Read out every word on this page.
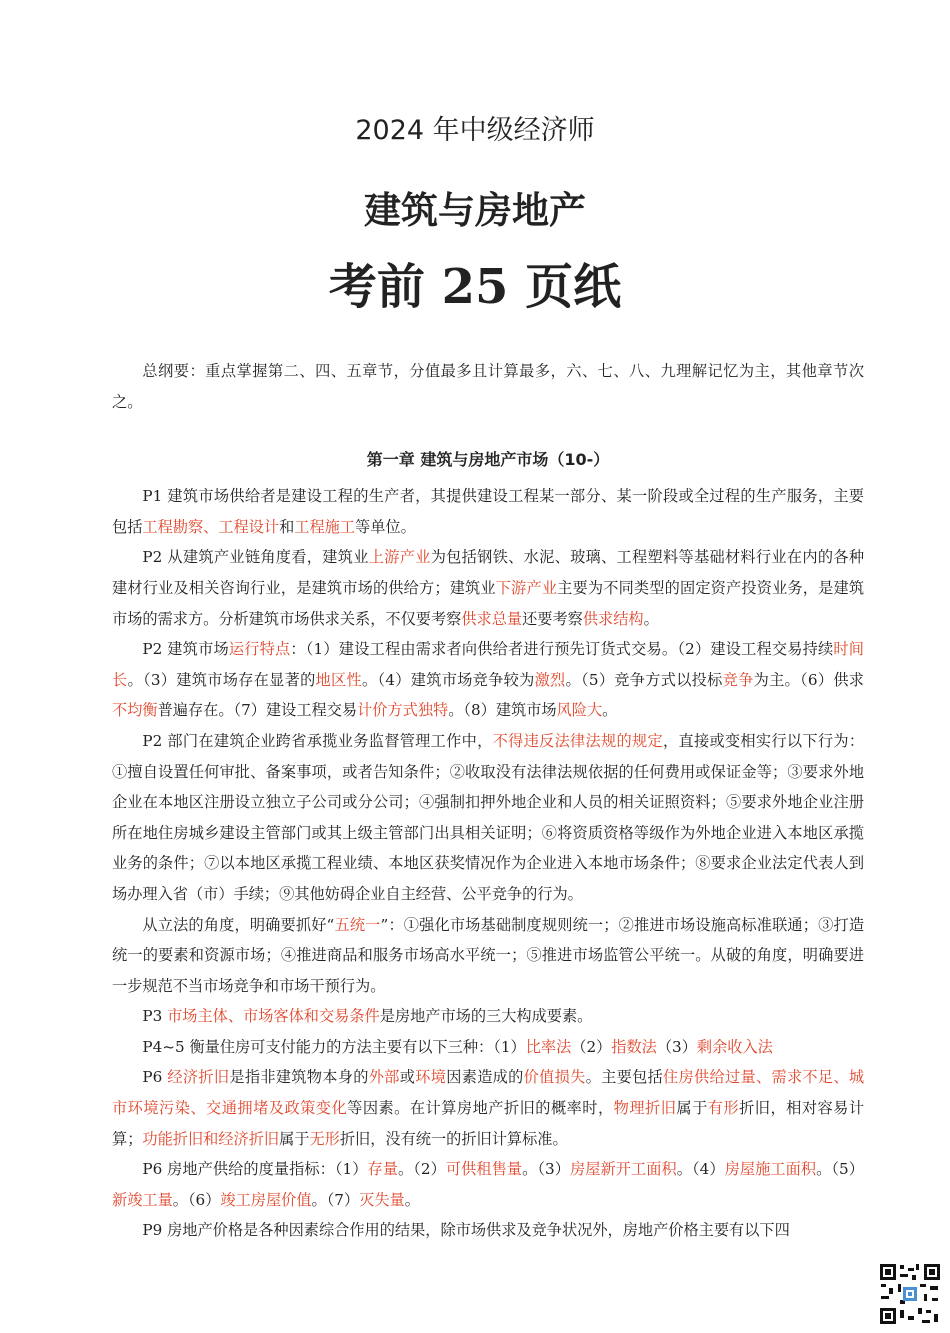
2024 年中级经济师
建筑与房地产
考前 25 页纸

总纲要：重点掌握第二、四、五章节，分值最多且计算最多，六、七、八、九理解记忆为主，其他章节次之。

第一章 建筑与房地产市场（10-）

P1 建筑市场供给者是建设工程的生产者，其提供建设工程某一部分、某一阶段或全过程的生产服务，主要包括工程勘察、工程设计和工程施工等单位。

P2 从建筑产业链角度看，建筑业上游产业为包括钢铁、水泥、玻璃、工程塑料等基础材料行业在内的各种建材行业及相关咨询行业，是建筑市场的供给方；建筑业下游产业主要为不同类型的固定资产投资业务，是建筑市场的需求方。分析建筑市场供求关系，不仅要考察供求总量还要考察供求结构。

P2 建筑市场运行特点：（1）建设工程由需求者向供给者进行预先订货式交易。（2）建设工程交易持续时间长。（3）建筑市场存在显著的地区性。（4）建筑市场竞争较为激烈。（5）竞争方式以投标竞争为主。（6）供求不均衡普遍存在。（7）建设工程交易计价方式独特。（8）建筑市场风险大。

P2 部门在建筑企业跨省承揽业务监督管理工作中，不得违反法律法规的规定，直接或变相实行以下行为：①擅自设置任何审批、备案事项，或者告知条件；②收取没有法律法规依据的任何费用或保证金等；③要求外地企业在本地区注册设立独立子公司或分公司；④强制扣押外地企业和人员的相关证照资料；⑤要求外地企业注册所在地住房城乡建设主管部门或其上级主管部门出具相关证明；⑥将资质资格等级作为外地企业进入本地区承揽业务的条件；⑦以本地区承揽工程业绩、本地区获奖情况作为企业进入本地市场条件；⑧要求企业法定代表人到场办理入省（市）手续；⑨其他妨碍企业自主经营、公平竞争的行为。

从立法的角度，明确要抓好“五统一”：①强化市场基础制度规则统一；②推进市场设施高标准联通；③打造统一的要素和资源市场；④推进商品和服务市场高水平统一；⑤推进市场监管公平统一。从破的角度，明确要进一步规范不当市场竞争和市场干预行为。

P3 市场主体、市场客体和交易条件是房地产市场的三大构成要素。

P4~5 衡量住房可支付能力的方法主要有以下三种：（1）比率法（2）指数法（3）剩余收入法

P6 经济折旧是指非建筑物本身的外部或环境因素造成的价值损失。主要包括住房供给过量、需求不足、城市环境污染、交通拥堵及政策变化等因素。在计算房地产折旧的概率时，物理折旧属于有形折旧，相对容易计算；功能折旧和经济折旧属于无形折旧，没有统一的折旧计算标准。

P6 房地产供给的度量指标：（1）存量。（2）可供租售量。（3）房屋新开工面积。（4）房屋施工面积。（5）新竣工量。（6）竣工房屋价值。（7）灭失量。

P9 房地产价格是各种因素综合作用的结果，除市场供求及竞争状况外，房地产价格主要有以下四
